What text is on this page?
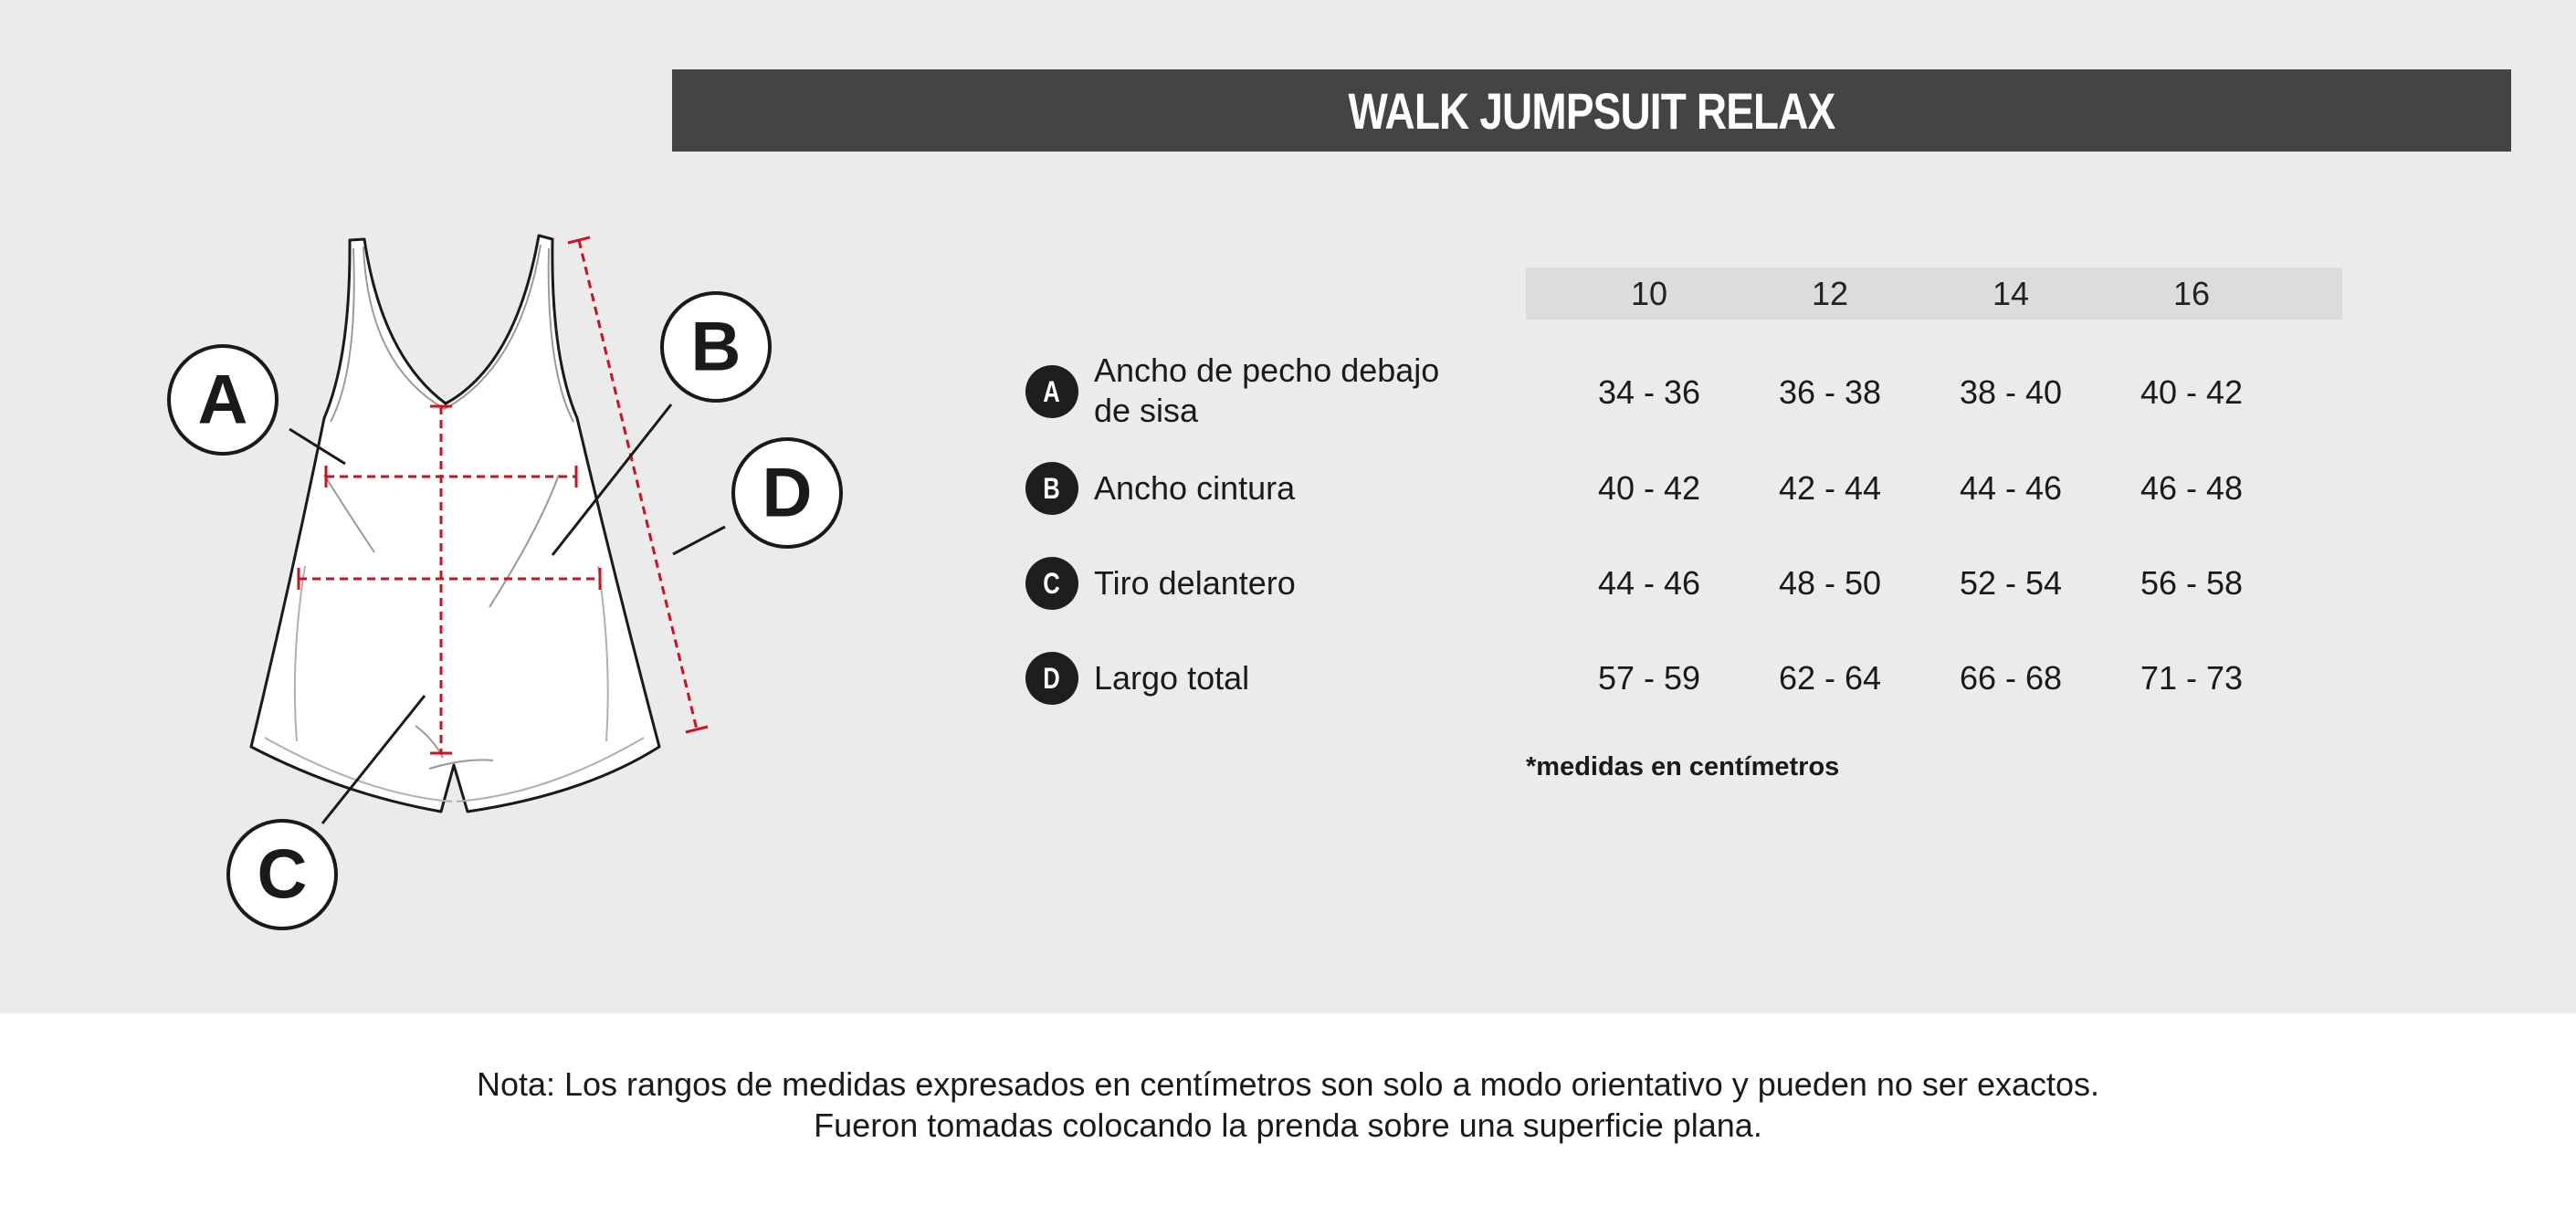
WALK JUMPSUIT RELAX
A
B
C
D
10	12	14	16
A
Ancho de pecho debajo
de sisa	34 - 36	36 - 38	38 - 40	40 - 42
B Ancho cintura	40 - 42	42 - 44	44 - 46	46 - 48
C Tiro delantero	44 - 46	48 - 50	52 - 54	56 - 58
D Largo total	57 - 59	62 - 64	66 - 68	71 - 73
*medidas en centímetros
Nota: Los rangos de medidas expresados en centímetros son solo a modo orientativo y pueden no ser exactos.
Fueron tomadas colocando la prenda sobre una superficie plana.
